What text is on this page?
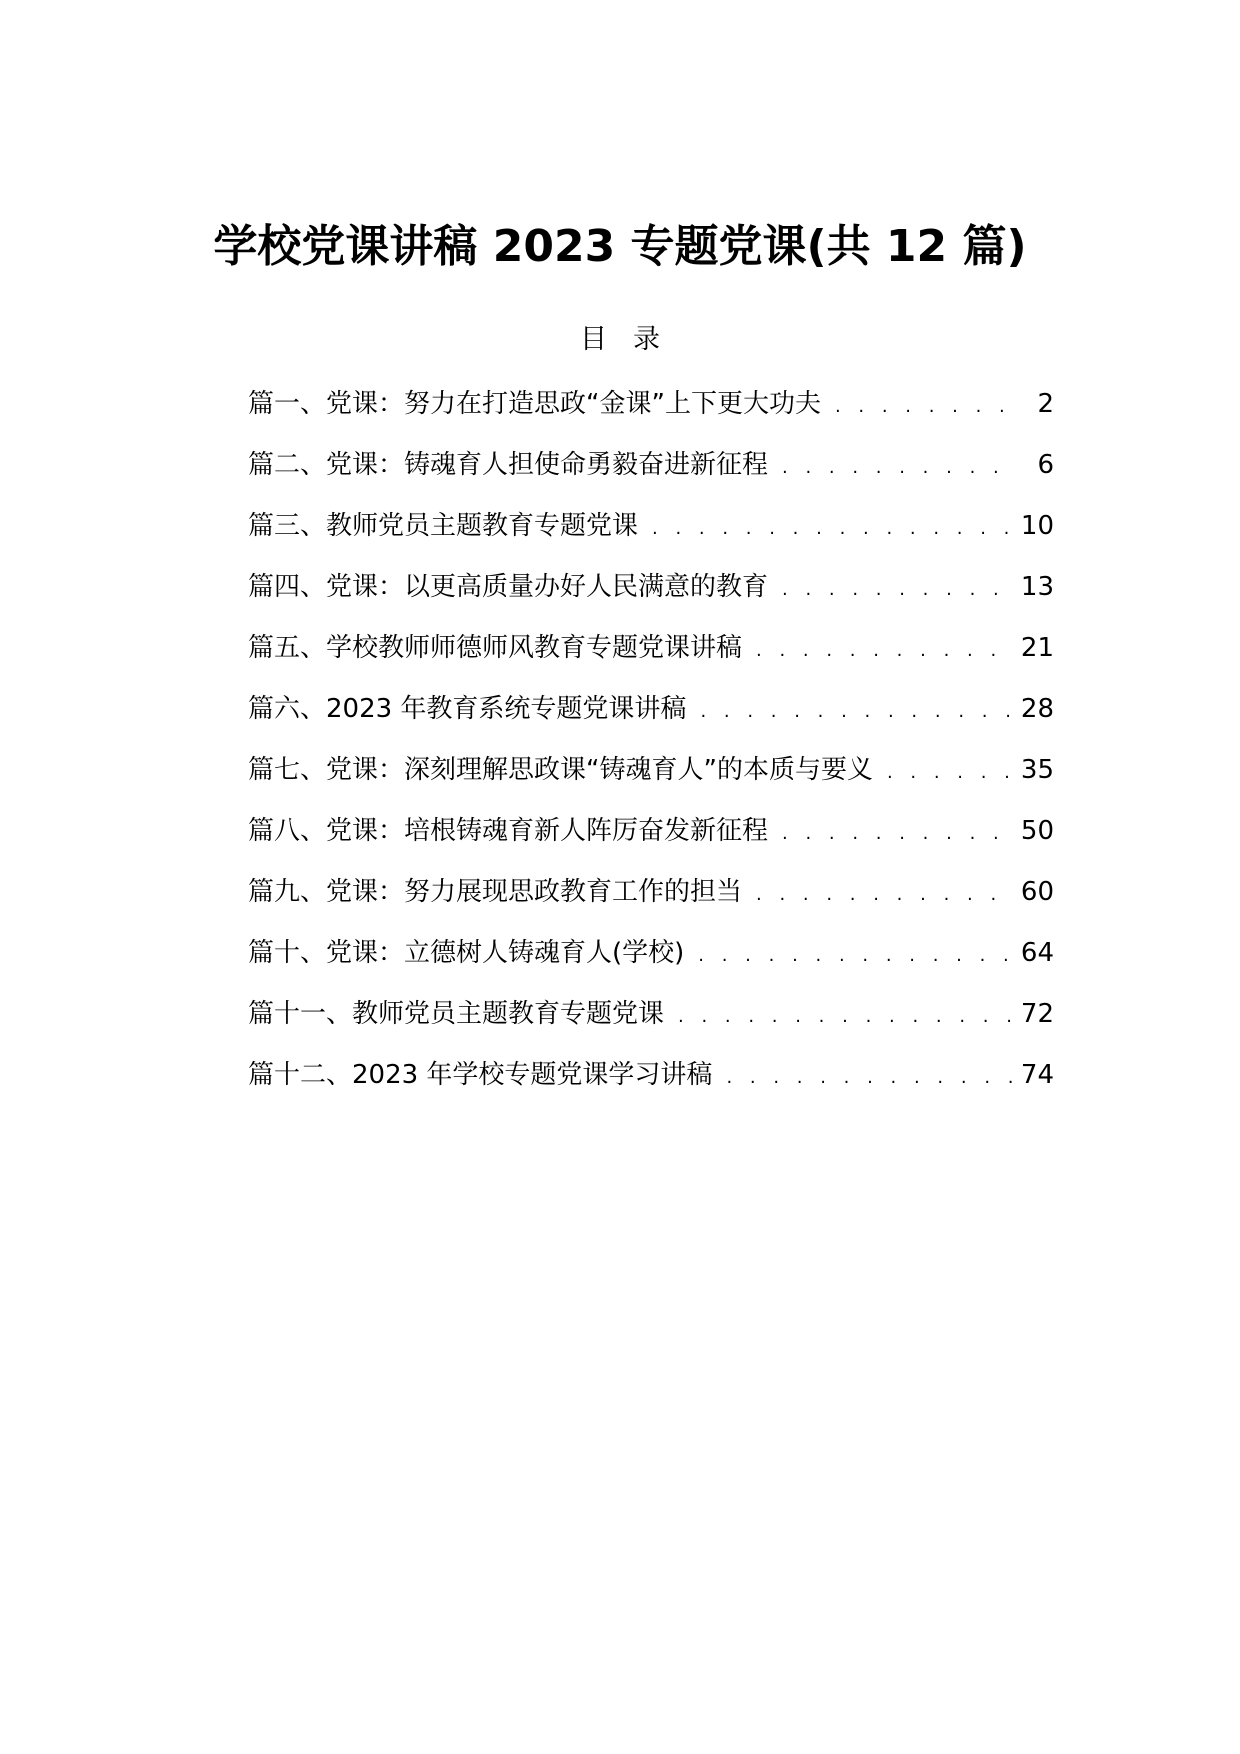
学校党课讲稿 2023 专题党课(共 12 篇)
目录
篇一、党课：努力在打造思政“金课”上下更大功夫 . . .	2
篇二、党课：铸魂育人担使命勇毅奋进新征程 . . .	6
篇三、教师党员主题教育专题党课 . . .	10
篇四、党课：以更高质量办好人民满意的教育 . . .	13
篇五、学校教师师德师风教育专题党课讲稿 . . .	21
篇六、2023 年教育系统专题党课讲稿 . . .	28
篇七、党课：深刻理解思政课“铸魂育人”的本质与要义 . . .	35
篇八、党课：培根铸魂育新人阵厉奋发新征程 . . .	50
篇九、党课：努力展现思政教育工作的担当 . . .	60
篇十、党课：立德树人铸魂育人(学校) . . .	64
篇十一、教师党员主题教育专题党课 . . .	72
篇十二、2023 年学校专题党课学习讲稿 . . .	74
